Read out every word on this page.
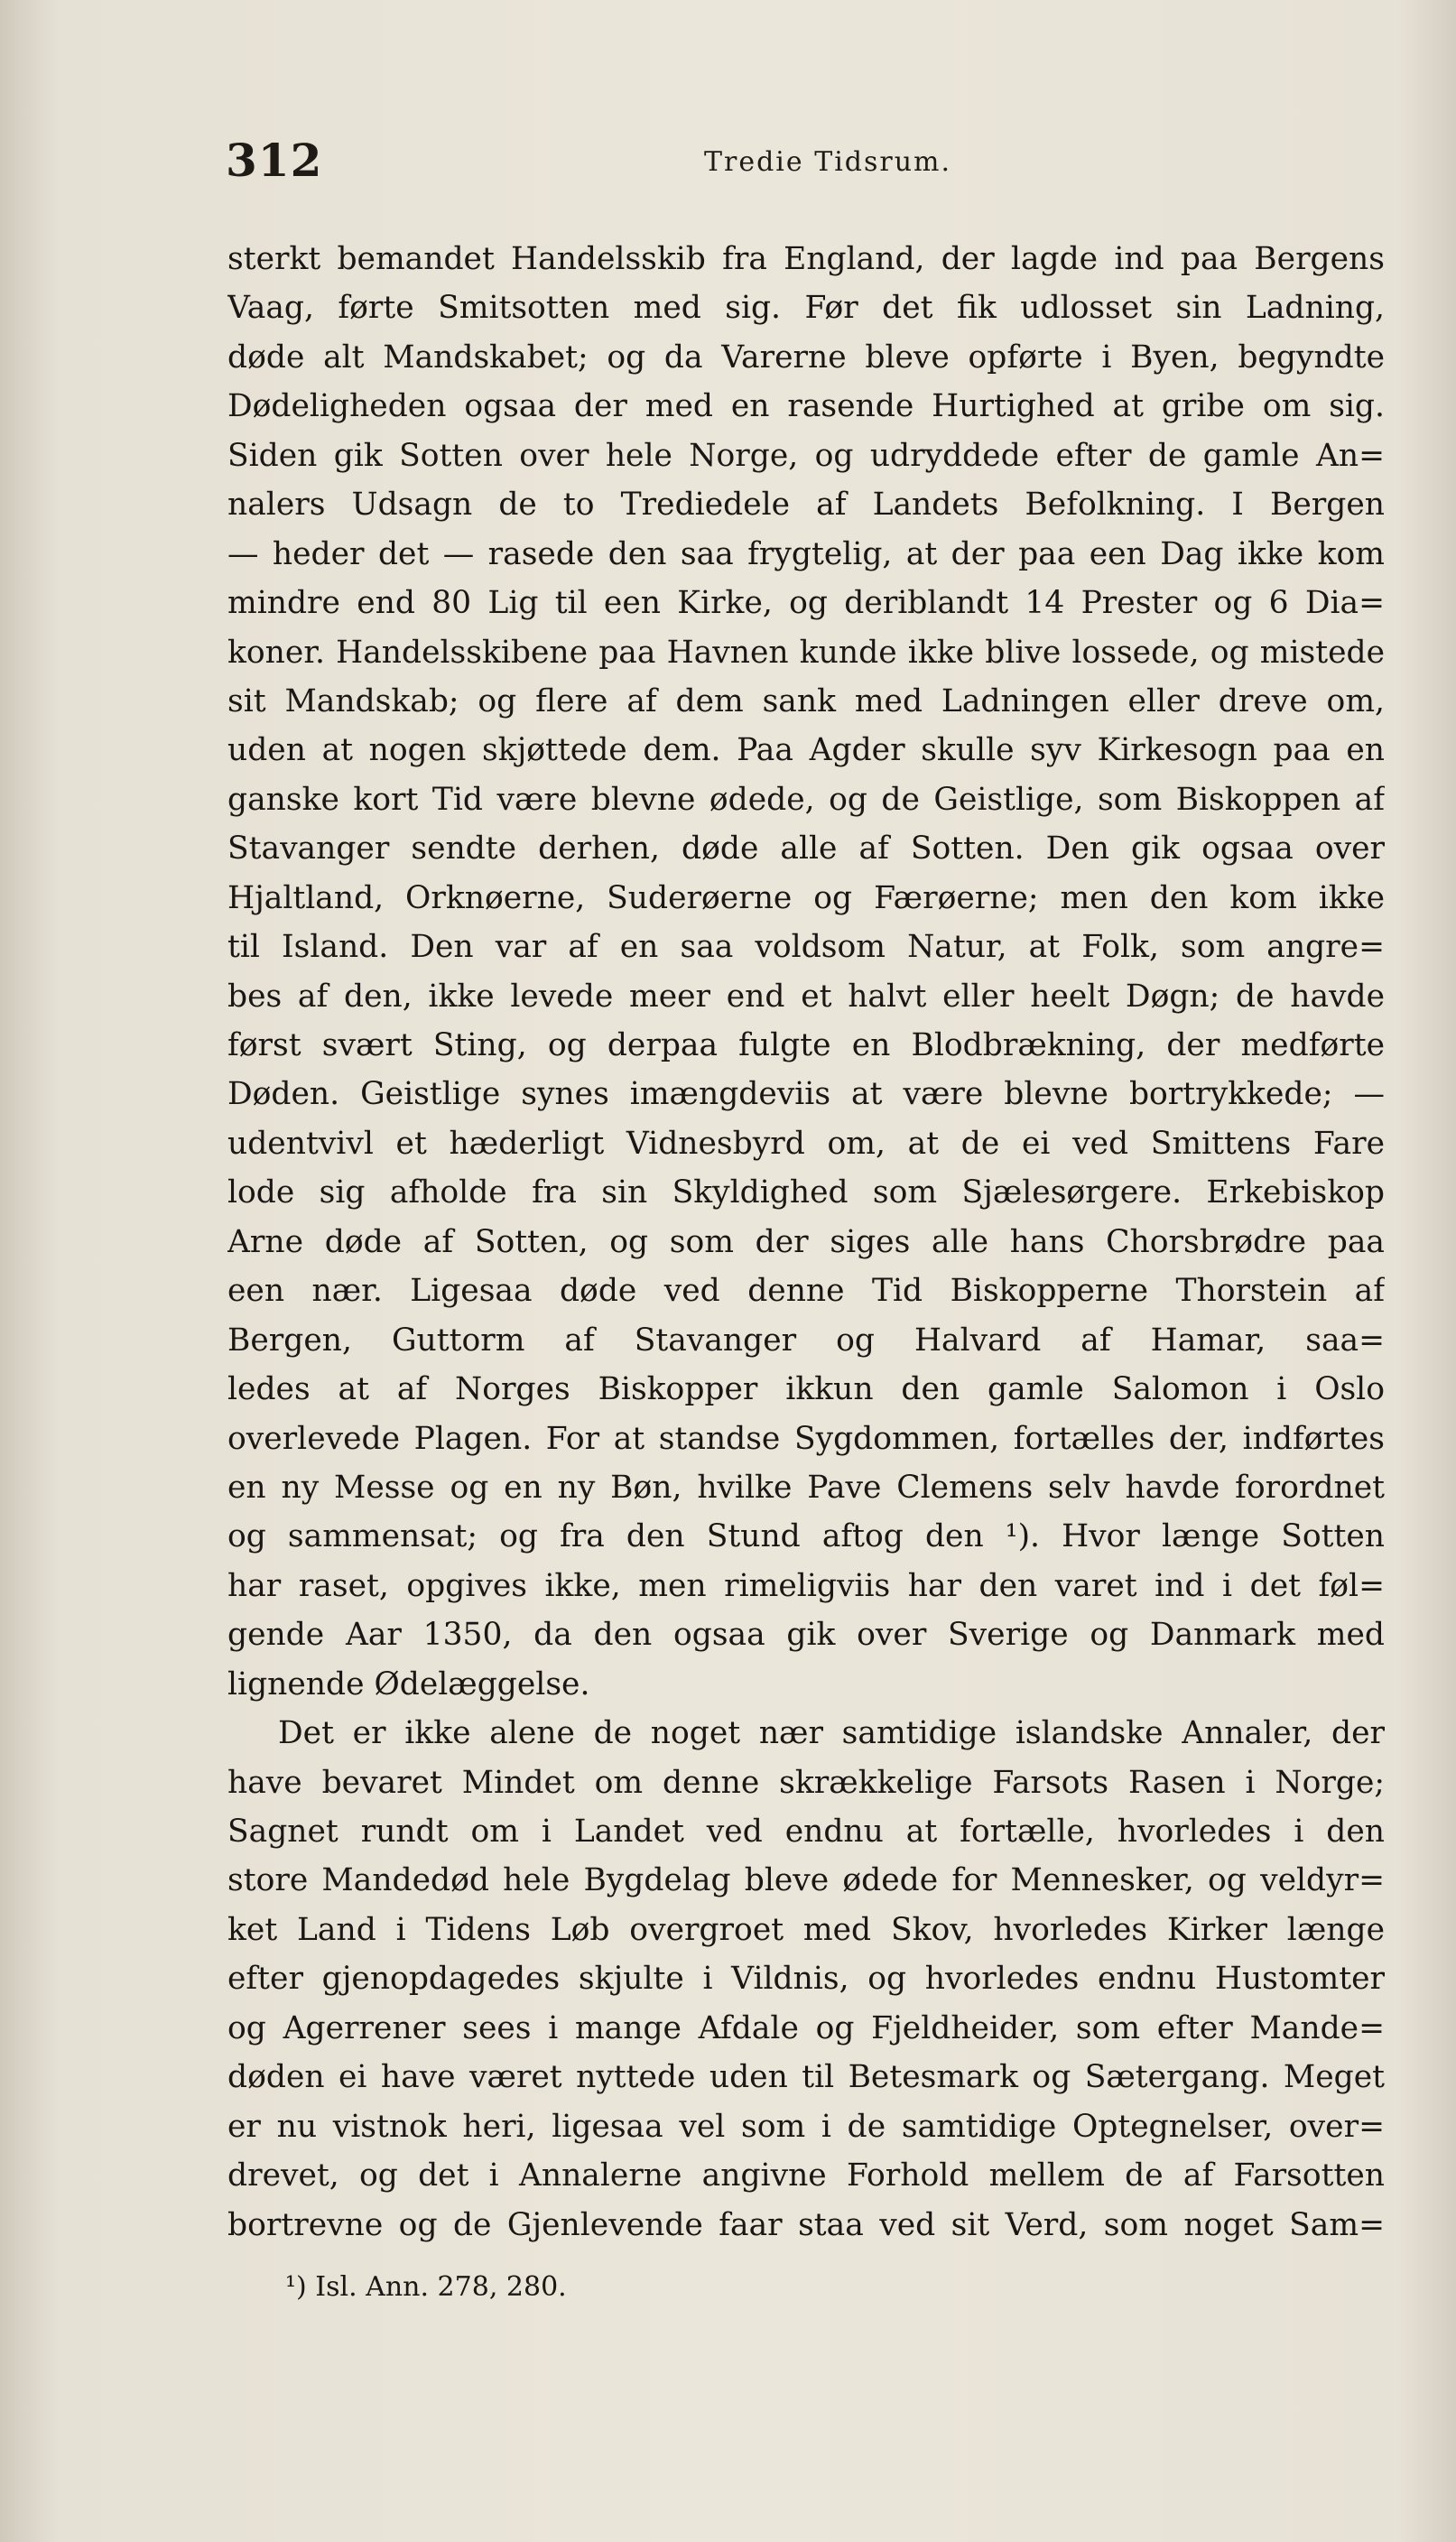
312	Tredie Tidsrum.
sterkt bemandet Handelsskib fra England, der lagde ind paa Bergens
Vaag, førte Smitsotten med sig. Før det fik udlosset sin Ladning,
døde alt Mandskabet; og da Varerne bleve opførte i Byen, begyndte
Dødeligheden ogsaa der med en rasende Hurtighed at gribe om sig.
Siden gik Sotten over hele Norge, og udryddede efter de gamle An=
nalers Udsagn de to Trediedele af Landets Befolkning. I Bergen
— heder det — rasede den saa frygtelig, at der paa een Dag ikke kom
mindre end 80 Lig til een Kirke, og deriblandt 14 Prester og 6 Dia=
koner. Handelsskibene paa Havnen kunde ikke blive lossede, og mistede
sit Mandskab; og flere af dem sank med Ladningen eller dreve om,
uden at nogen skjøttede dem. Paa Agder skulle syv Kirkesogn paa en
ganske kort Tid være blevne ødede, og de Geistlige, som Biskoppen af
Stavanger sendte derhen, døde alle af Sotten. Den gik ogsaa over
Hjaltland, Orknøerne, Suderøerne og Færøerne; men den kom ikke
til Island. Den var af en saa voldsom Natur, at Folk, som angre=
bes af den, ikke levede meer end et halvt eller heelt Døgn; de havde
først svært Sting, og derpaa fulgte en Blodbrækning, der medførte
Døden. Geistlige synes imængdeviis at være blevne bortrykkede; —
udentvivl et hæderligt Vidnesbyrd om, at de ei ved Smittens Fare
lode sig afholde fra sin Skyldighed som Sjælesørgere. Erkebiskop
Arne døde af Sotten, og som der siges alle hans Chorsbrødre paa
een nær. Ligesaa døde ved denne Tid Biskopperne Thorstein af
Bergen, Guttorm af Stavanger og Halvard af Hamar, saa=
ledes at af Norges Biskopper ikkun den gamle Salomon i Oslo
overlevede Plagen. For at standse Sygdommen, fortælles der, indførtes
en ny Messe og en ny Bøn, hvilke Pave Clemens selv havde forordnet
og sammensat; og fra den Stund aftog den ¹). Hvor længe Sotten
har raset, opgives ikke, men rimeligviis har den varet ind i det føl=
gende Aar 1350, da den ogsaa gik over Sverige og Danmark med
lignende Ødelæggelse.
Det er ikke alene de noget nær samtidige islandske Annaler, der
have bevaret Mindet om denne skrækkelige Farsots Rasen i Norge;
Sagnet rundt om i Landet ved endnu at fortælle, hvorledes i den
store Mandedød hele Bygdelag bleve ødede for Mennesker, og veldyr=
ket Land i Tidens Løb overgroet med Skov, hvorledes Kirker længe
efter gjenopdagedes skjulte i Vildnis, og hvorledes endnu Hustomter
og Agerrener sees i mange Afdale og Fjeldheider, som efter Mande=
døden ei have været nyttede uden til Betesmark og Sætergang. Meget
er nu vistnok heri, ligesaa vel som i de samtidige Optegnelser, over=
drevet, og det i Annalerne angivne Forhold mellem de af Farsotten
bortrevne og de Gjenlevende faar staa ved sit Verd, som noget Sam=
¹) Isl. Ann. 278, 280.
